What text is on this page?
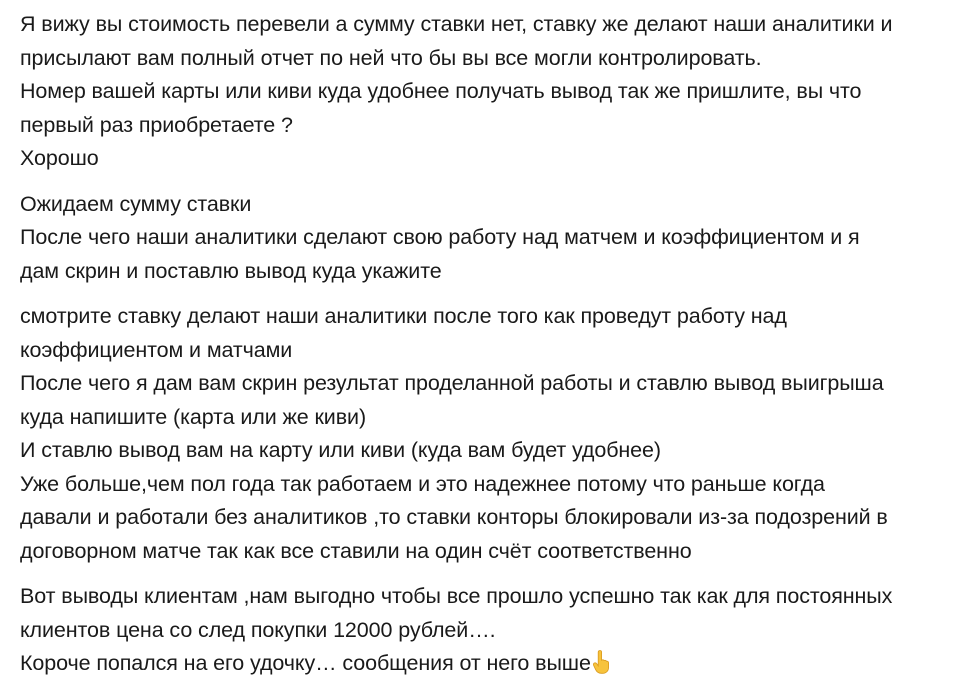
Я вижу вы стоимость перевели а сумму ставки нет, ставку же делают наши аналитики и
присылают вам полный отчет по ней что бы вы все могли контролировать.
Номер вашей карты или киви куда удобнее получать вывод так же пришлите, вы что
первый раз приобретаете ?
Хорошо
Ожидаем сумму ставки
После чего наши аналитики сделают свою работу над матчем и коэффициентом и я
дам скрин и поставлю вывод куда укажите
смотрите ставку делают наши аналитики после того как проведут работу над
коэффициентом и матчами
После чего я дам вам скрин результат проделанной работы и ставлю вывод выигрыша
куда напишите (карта или же киви)
И ставлю вывод вам на карту или киви (куда вам будет удобнее)
Уже больше,чем пол года так работаем и это надежнее потому что раньше когда
давали и работали без аналитиков ,то ставки конторы блокировали из-за подозрений в
договорном матче так как все ставили на один счёт соответственно
Вот выводы клиентам ,нам выгодно чтобы все прошло успешно так как для постоянных
клиентов цена со след покупки 12000 рублей….
Короче попался на его удочку… сообщения от него выше
